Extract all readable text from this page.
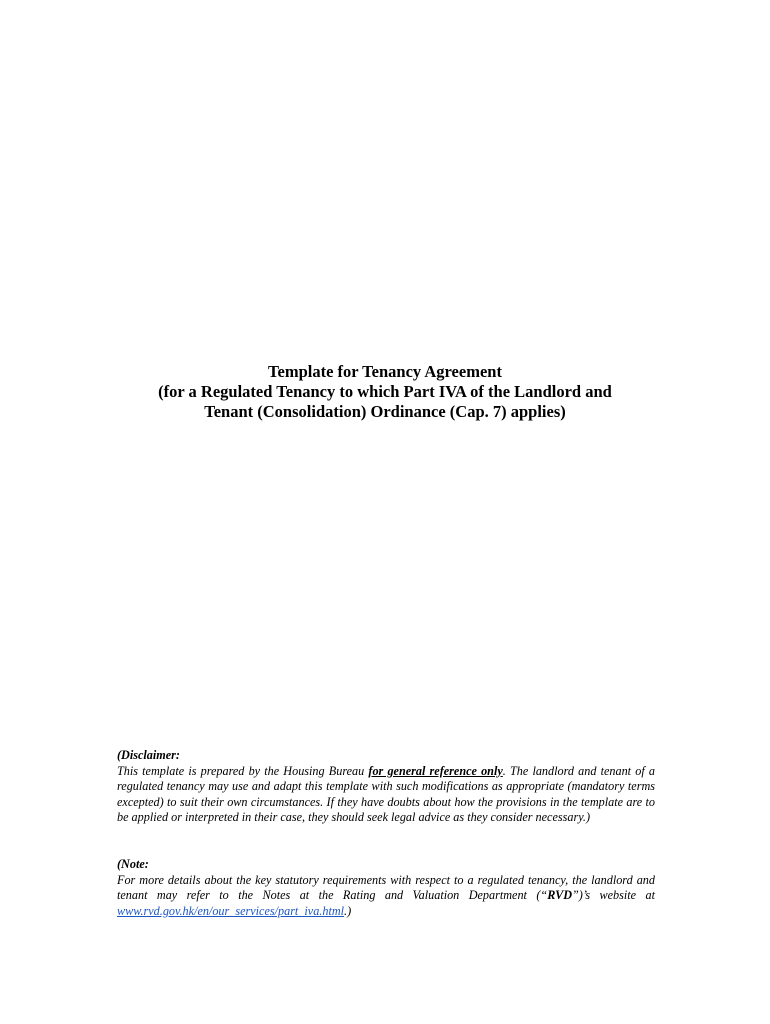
Template for Tenancy Agreement
(for a Regulated Tenancy to which Part IVA of the Landlord and
Tenant (Consolidation) Ordinance (Cap. 7) applies)
(Disclaimer:
This template is prepared by the Housing Bureau for general reference only. The landlord and tenant of a regulated tenancy may use and adapt this template with such modifications as appropriate (mandatory terms excepted) to suit their own circumstances. If they have doubts about how the provisions in the template are to be applied or interpreted in their case, they should seek legal advice as they consider necessary.)
(Note:
For more details about the key statutory requirements with respect to a regulated tenancy, the landlord and tenant may refer to the Notes at the Rating and Valuation Department (“RVD”)’s website at www.rvd.gov.hk/en/our_services/part_iva.html.)
